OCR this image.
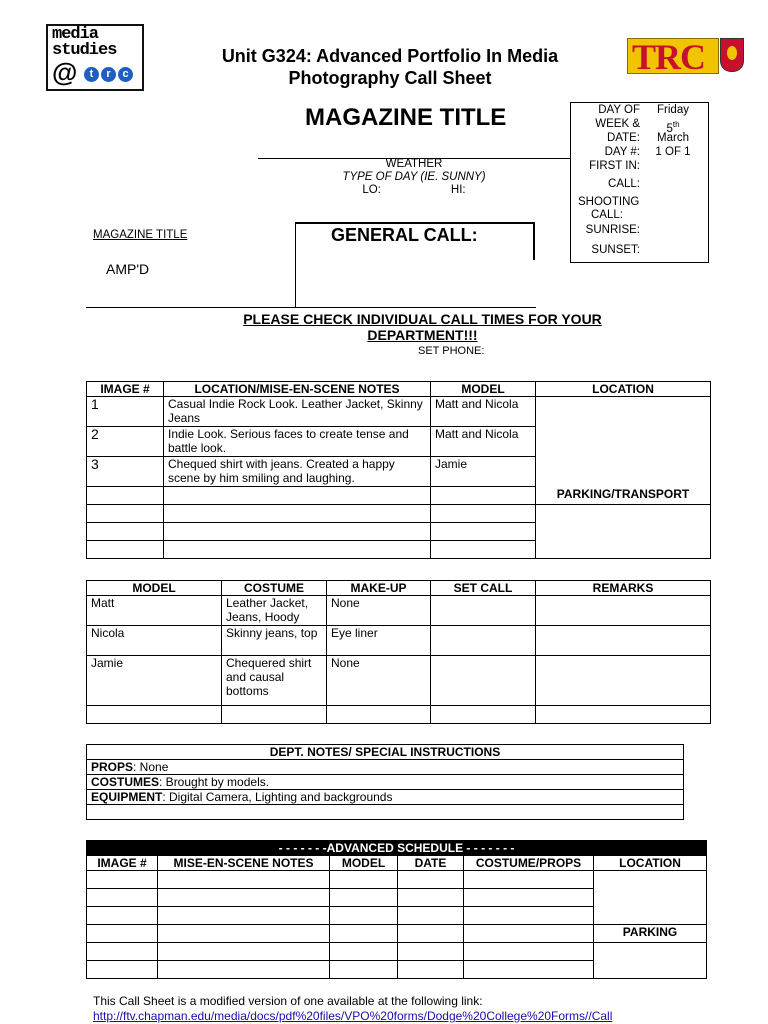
media
studies
@	t r c	TRC
Unit G324: Advanced Portfolio In Media
Photography Call Sheet
MAGAZINE TITLE
WEATHER
TYPE OF DAY (IE. SUNNY)
LO:	HI:
DAY OF	Friday
WEEK &	5th
DATE:	March
DAY #:	1 OF 1
FIRST IN:
CALL:
SHOOTING
CALL:
SUNRISE:
SUNSET:
MAGAZINE TITLE
AMP'D
GENERAL CALL:
PLEASE CHECK INDIVIDUAL CALL TIMES FOR YOUR DEPARTMENT!!!
SET PHONE:
IMAGE #	LOCATION/MISE-EN-SCENE NOTES	MODEL	LOCATION
1	Casual Indie Rock Look. Leather Jacket, Skinny Jeans	Matt and Nicola	
2	Indie Look. Serious faces to create tense and battle look.	Matt and Nicola	
3	Chequed shirt with jeans. Created a happy scene by him smiling and laughing.	Jamie	
			PARKING/TRANSPORT

MODEL	COSTUME	MAKE-UP	SET CALL	REMARKS
Matt	Leather Jacket, Jeans, Hoody	None		
Nicola	Skinny jeans, top	Eye liner		
Jamie	Chequered shirt and causal bottoms	None		

DEPT. NOTES/ SPECIAL INSTRUCTIONS
PROPS: None
COSTUMES: Brought by models.
EQUIPMENT: Digital Camera, Lighting and backgrounds

- - - - - - -ADVANCED SCHEDULE - - - - - - -					
IMAGE #	MISE-EN-SCENE NOTES	MODEL	DATE	COSTUME/PROPS	LOCATION

					PARKING

This Call Sheet is a modified version of one available at the following link:
http://ftv.chapman.edu/media/docs/pdf%20files/VPO%20forms/Dodge%20College%20Forms//Call
